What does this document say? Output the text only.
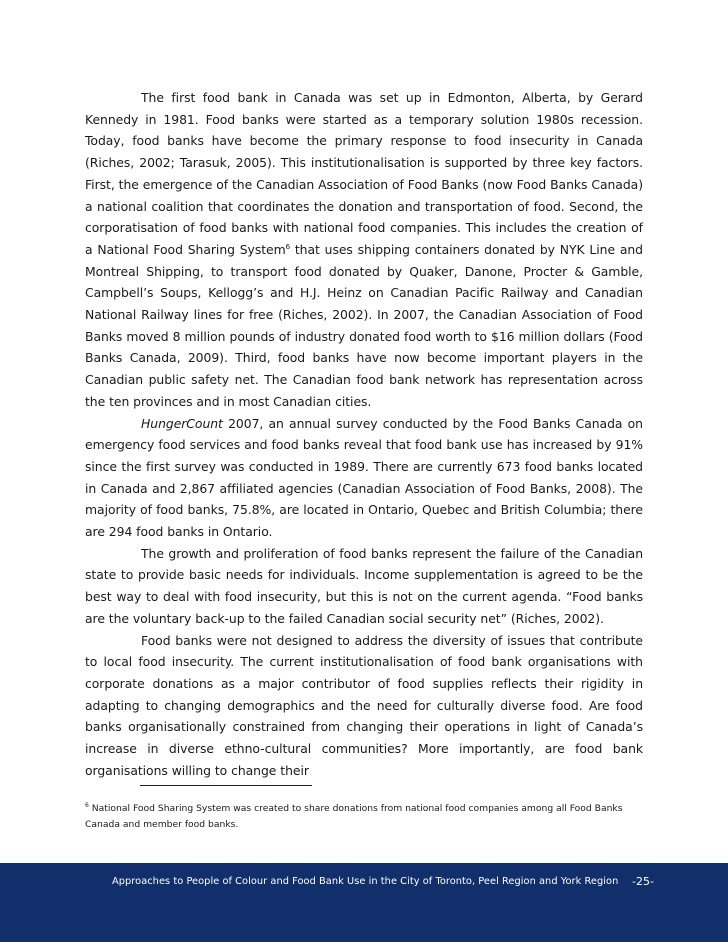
The first food bank in Canada was set up in Edmonton, Alberta, by Gerard Kennedy in 1981. Food banks were started as a temporary solution 1980s recession. Today, food banks have become the primary response to food insecurity in Canada (Riches, 2002; Tarasuk, 2005). This institutionalisation is supported by three key factors. First, the emergence of the Canadian Association of Food Banks (now Food Banks Canada) a national coalition that coordinates the donation and transportation of food. Second, the corporatisation of food banks with national food companies. This includes the creation of a National Food Sharing System$^6$ that uses shipping containers donated by NYK Line and Montreal Shipping, to transport food donated by Quaker, Danone, Procter & Gamble, Campbell’s Soups, Kellogg’s and H.J. Heinz on Canadian Pacific Railway and Canadian National Railway lines for free (Riches, 2002). In 2007, the Canadian Association of Food Banks moved 8 million pounds of industry donated food worth to $16 million dollars (Food Banks Canada, 2009). Third, food banks have now become important players in the Canadian public safety net. The Canadian food bank network has representation across the ten provinces and in most Canadian cities.

HungerCount 2007, an annual survey conducted by the Food Banks Canada on emergency food services and food banks reveal that food bank use has increased by 91% since the first survey was conducted in 1989. There are currently 673 food banks located in Canada and 2,867 affiliated agencies (Canadian Association of Food Banks, 2008). The majority of food banks, 75.8%, are located in Ontario, Quebec and British Columbia; there are 294 food banks in Ontario.

The growth and proliferation of food banks represent the failure of the Canadian state to provide basic needs for individuals. Income supplementation is agreed to be the best way to deal with food insecurity, but this is not on the current agenda. “Food banks are the voluntary back-up to the failed Canadian social security net” (Riches, 2002).

Food banks were not designed to address the diversity of issues that contribute to local food insecurity. The current institutionalisation of food bank organisations with corporate donations as a major contributor of food supplies reflects their rigidity in adapting to changing demographics and the need for culturally diverse food. Are food banks organisationally constrained from changing their operations in light of Canada’s increase in diverse ethno-cultural communities? More importantly, are food bank organisations willing to change their

$^6$ National Food Sharing System was created to share donations from national food companies among all Food Banks Canada and member food banks.
Approaches to People of Colour and Food Bank Use in the City of Toronto, Peel Region and York Region -25-
